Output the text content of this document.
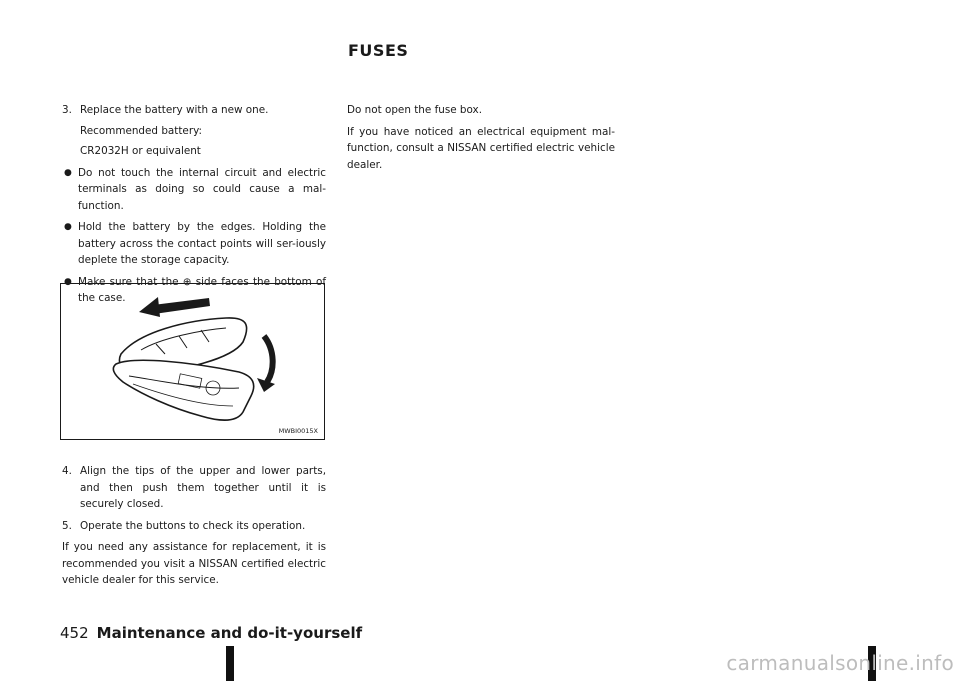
FUSES
3. Replace the battery with a new one.

Recommended battery:

CR2032H or equivalent

● Do not touch the internal circuit and electric terminals as doing so could cause a mal-function.
● Hold the battery by the edges. Holding the battery across the contact points will ser-iously deplete the storage capacity.
● Make sure that the ⊕ side faces the bottom of the case.
MWBI0015X
4. Align the tips of the upper and lower parts, and then push them together until it is securely closed.
5. Operate the buttons to check its operation.

If you need any assistance for replacement, it is recommended you visit a NISSAN certified electric vehicle dealer for this service.

Do not open the fuse box.

If you have noticed an electrical equipment mal-function, consult a NISSAN certified electric vehicle dealer.

452 Maintenance and do-it-yourself
carmanualsonline.info
